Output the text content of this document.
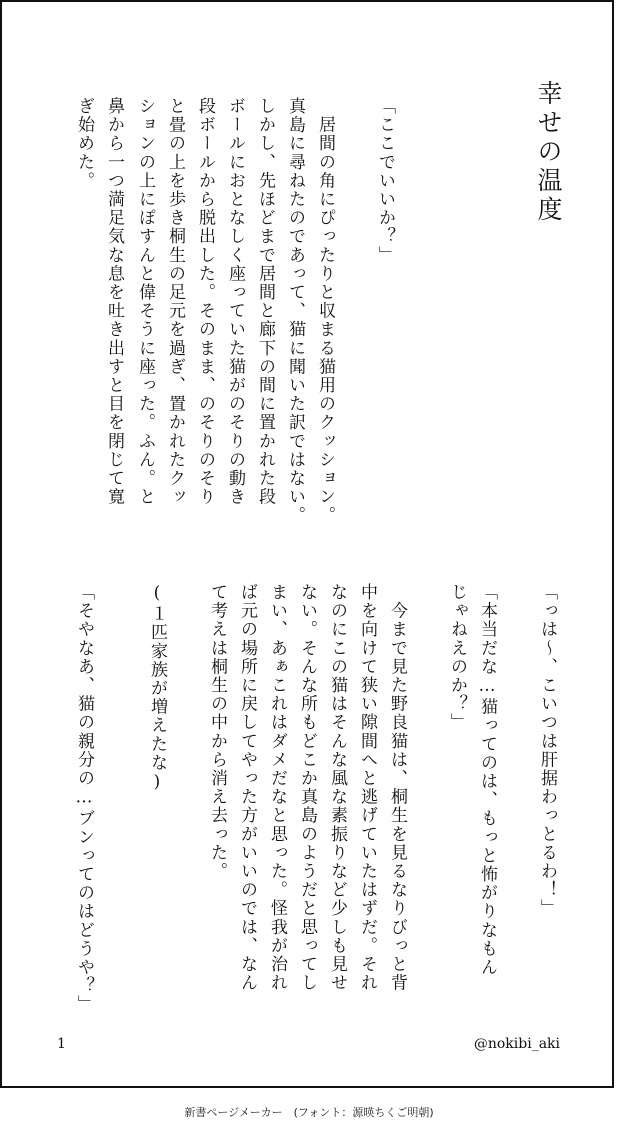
幸せの温度
「ここでいいか？」
　居間の角にぴったりと収まる猫用のクッション。
真島に尋ねたのであって、猫に聞いた訳ではない。
しかし、先ほどまで居間と廊下の間に置かれた段
ボールにおとなしく座っていた猫がのそりの動き
段ボールから脱出した。そのまま、のそりのそり
と畳の上を歩き桐生の足元を過ぎ、置かれたクッ
ションの上にぽすんと偉そうに座った。ふん。と
鼻から一つ満足気な息を吐き出すと目を閉じて寛
ぎ始めた。
「っは〜、こいつは肝据わっとるわ！」
「本当だな…猫ってのは、もっと怖がりなもん
じゃねえのか？」
　今まで見た野良猫は、桐生を見るなりびっと背
中を向けて狭い隙間へと逃げていたはずだ。それ
なのにこの猫はそんな風な素振りなど少しも見せ
ない。そんな所もどこか真島のようだと思ってし
まい、あぁこれはダメだなと思った。怪我が治れ
ば元の場所に戻してやった方がいいのでは、なん
て考えは桐生の中から消え去った。
(１匹家族が増えたな)
「そやなあ、猫の親分の…ブンってのはどうや？」
1	@nokibi_aki
新書ページメーカー　(フォント：源暎ちくご明朝)
